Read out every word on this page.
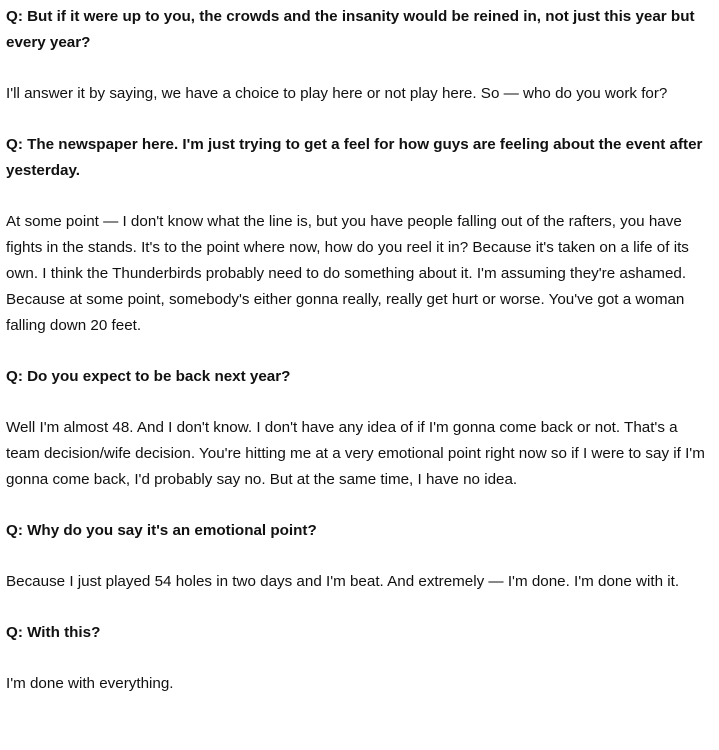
Q: But if it were up to you, the crowds and the insanity would be reined in, not just this year but every year?

I'll answer it by saying, we have a choice to play here or not play here. So — who do you work for?

Q: The newspaper here. I'm just trying to get a feel for how guys are feeling about the event after yesterday.

At some point — I don't know what the line is, but you have people falling out of the rafters, you have fights in the stands. It's to the point where now, how do you reel it in? Because it's taken on a life of its own. I think the Thunderbirds probably need to do something about it. I'm assuming they're ashamed. Because at some point, somebody's either gonna really, really get hurt or worse. You've got a woman falling down 20 feet.

Q: Do you expect to be back next year?

Well I'm almost 48. And I don't know. I don't have any idea of if I'm gonna come back or not. That's a team decision/wife decision. You're hitting me at a very emotional point right now so if I were to say if I'm gonna come back, I'd probably say no. But at the same time, I have no idea.

Q: Why do you say it's an emotional point?

Because I just played 54 holes in two days and I'm beat. And extremely — I'm done. I'm done with it.

Q: With this?

I'm done with everything.
